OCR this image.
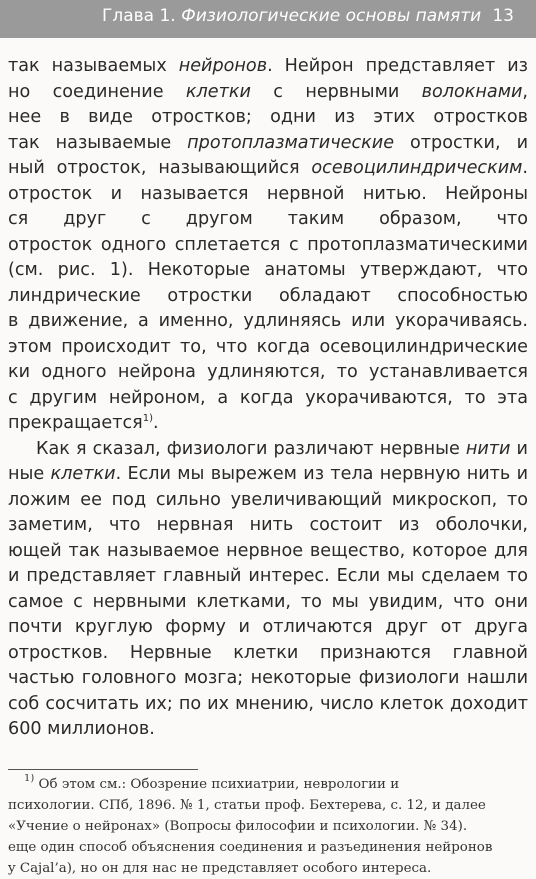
Глава 1. Физиологические основы памяти 13
так называемых нейронов. Нейрон представляет из
но соединение клетки с нервными волокнами,
нее в виде отростков; одни из этих отростков
так называемые протоплазматические отростки, и
ный отросток, называющийся осевоцилиндрическим.
отросток и называется нервной нитью. Нейроны
ся друг с другом таким образом, что
отросток одного сплетается с протоплазматическими
(см. рис. 1). Некоторые анатомы утверждают, что
линдрические отростки обладают способностью
в движение, а именно, удлиняясь или укорачиваясь.
этом происходит то, что когда осевоцилиндрические
ки одного нейрона удлиняются, то устанавливается
с другим нейроном, а когда укорачиваются, то эта
прекращается$^{1)}$.
Как я сказал, физиологи различают нервные нити и
ные клетки. Если мы вырежем из тела нервную нить и
ложим ее под сильно увеличивающий микроскоп, то
заметим, что нервная нить состоит из оболочки,
ющей так называемое нервное вещество, которое для
и представляет главный интерес. Если мы сделаем то
самое с нервными клетками, то мы увидим, что они
почти круглую форму и отличаются друг от друга
отростков. Нервные клетки признаются главной
частью головного мозга; некоторые физиологи нашли
соб сосчитать их; по их мнению, число клеток доходит
600 миллионов.
$^{1)}$ Об этом см.: Обозрение психиатрии, неврологии и
психологии. СПб, 1896. № 1, статьи проф. Бехтерева, с. 12, и далее
«Учение о нейронах» (Вопросы философии и психологии. № 34).
еще один способ объяснения соединения и разъединения нейронов
y Cajal’a), но он для нас не представляет особого интереса.
